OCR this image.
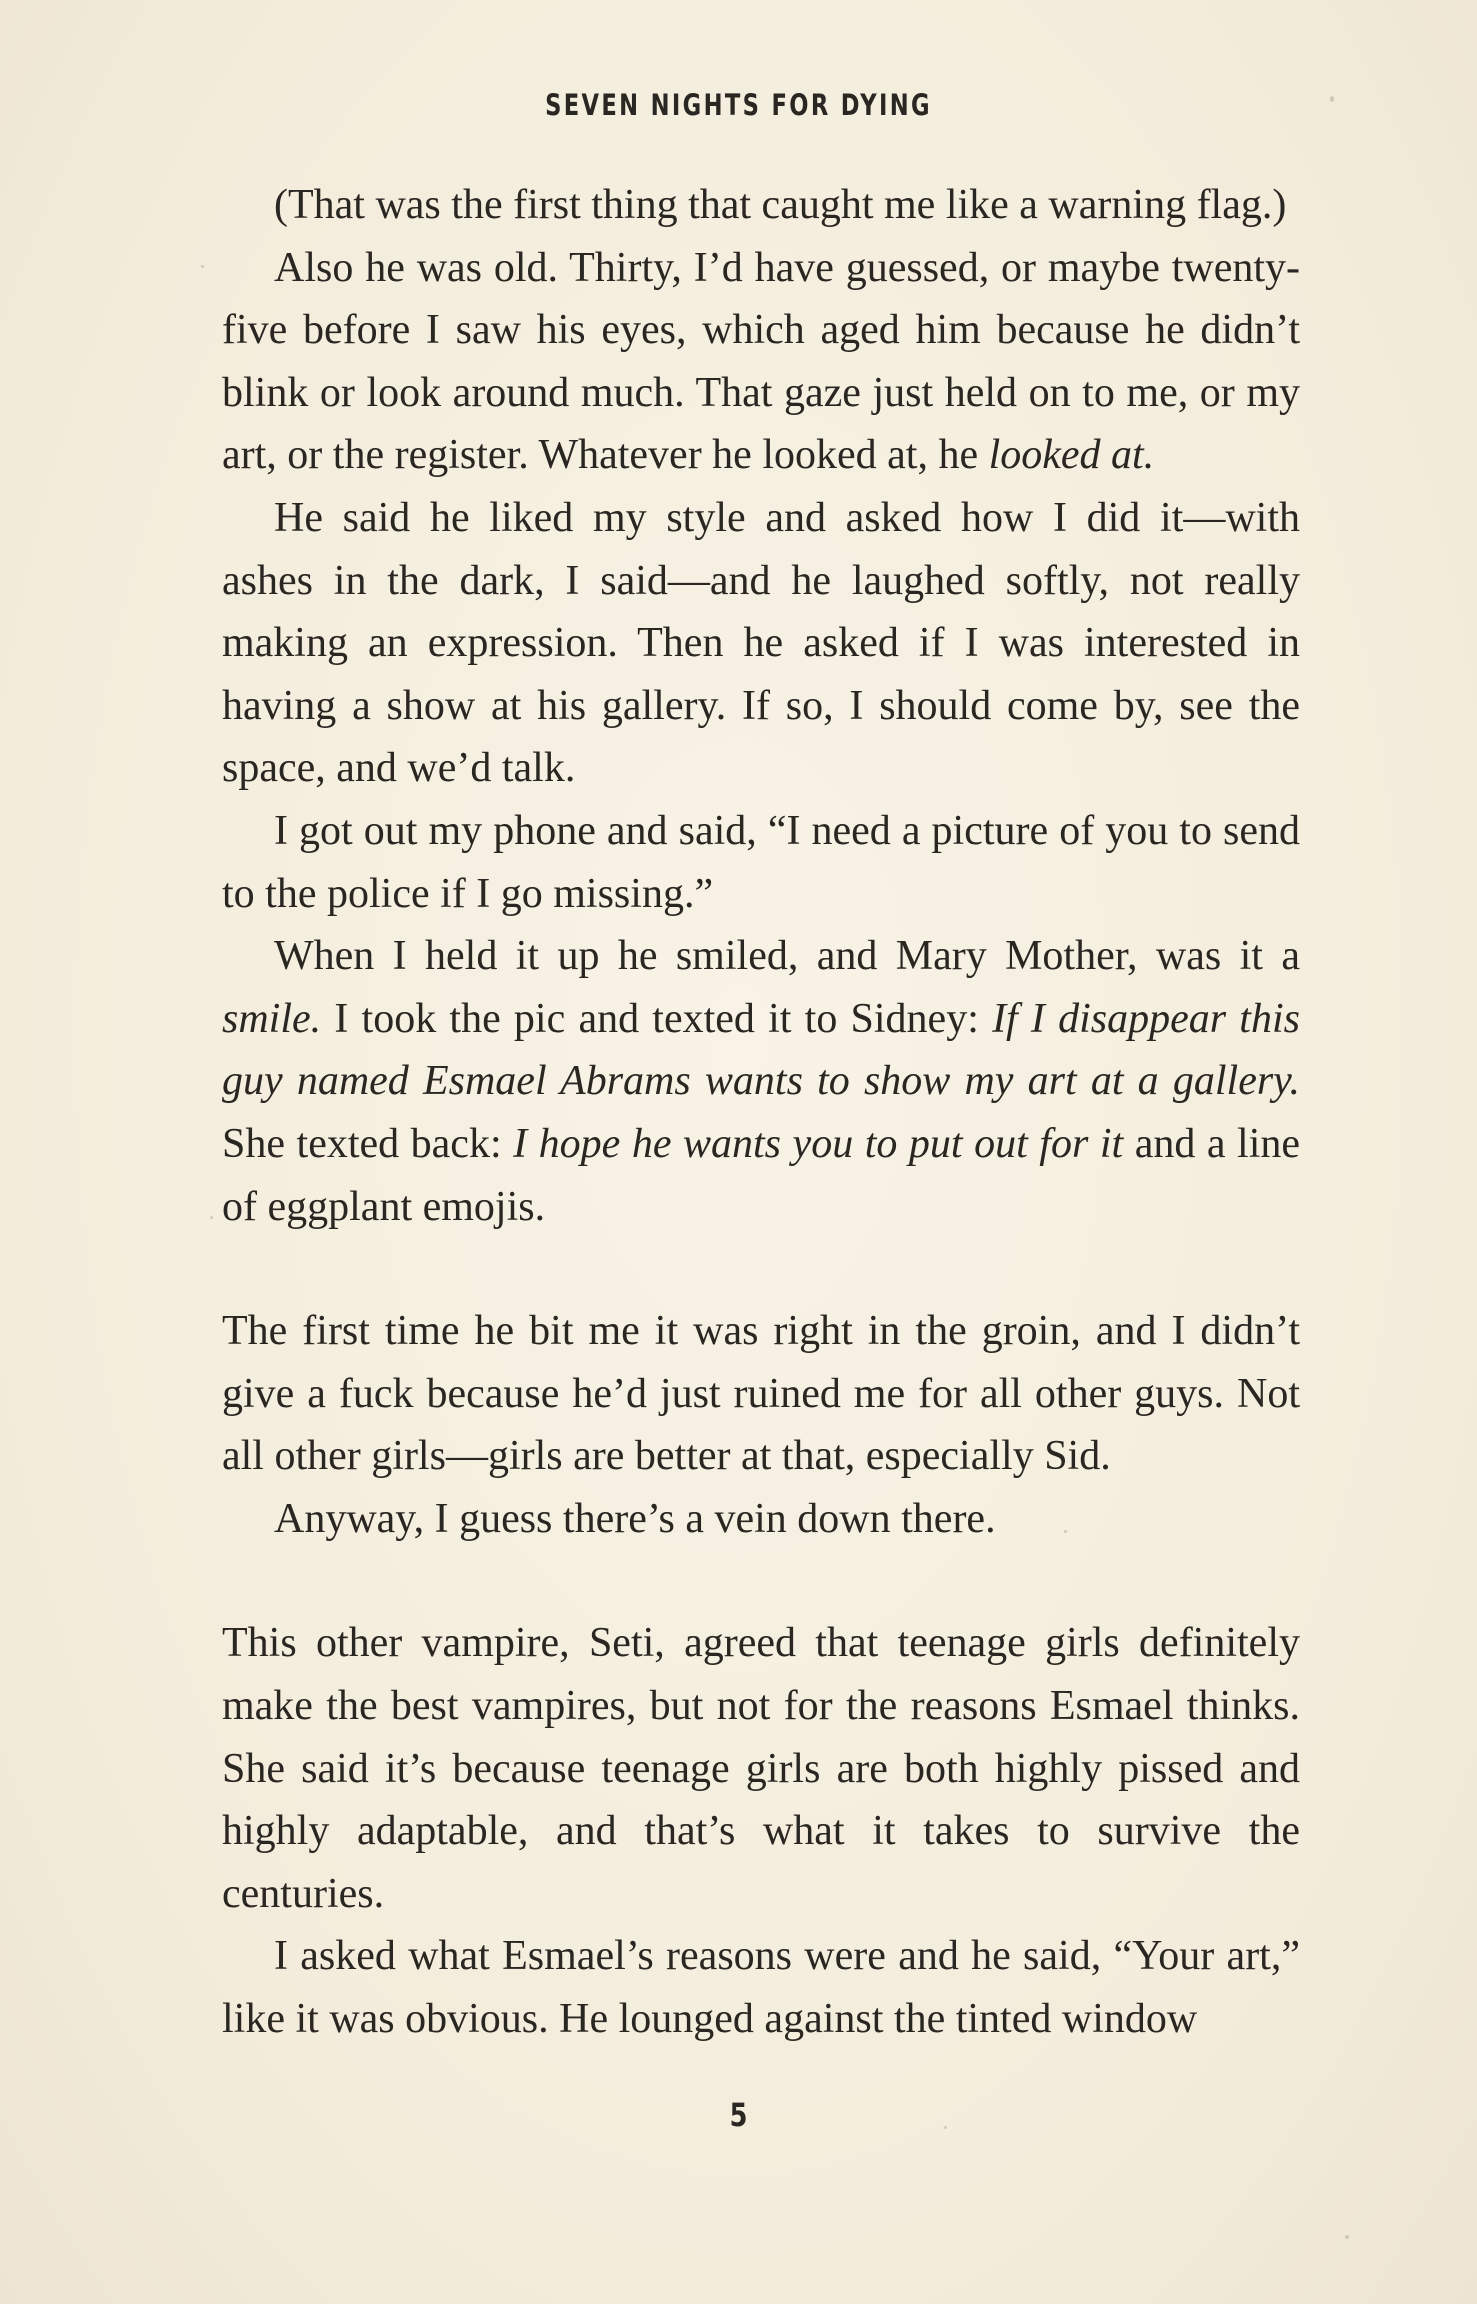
SEVEN NIGHTS FOR DYING

(That was the first thing that caught me like a warning flag.)

Also he was old. Thirty, I’d have guessed, or maybe twenty-five before I saw his eyes, which aged him because he didn’t blink or look around much. That gaze just held on to me, or my art, or the register. Whatever he looked at, he looked at.

He said he liked my style and asked how I did it—with ashes in the dark, I said—and he laughed softly, not really making an expression. Then he asked if I was interested in having a show at his gallery. If so, I should come by, see the space, and we’d talk.

I got out my phone and said, “I need a picture of you to send to the police if I go missing.”

When I held it up he smiled, and Mary Mother, was it a smile. I took the pic and texted it to Sidney: If I disappear this guy named Esmael Abrams wants to show my art at a gallery. She texted back: I hope he wants you to put out for it and a line of eggplant emojis.

The first time he bit me it was right in the groin, and I didn’t give a fuck because he’d just ruined me for all other guys. Not all other girls—girls are better at that, especially Sid.

Anyway, I guess there’s a vein down there.

This other vampire, Seti, agreed that teenage girls definitely make the best vampires, but not for the reasons Esmael thinks. She said it’s because teenage girls are both highly pissed and highly adaptable, and that’s what it takes to survive the centuries.

I asked what Esmael’s reasons were and he said, “Your art,” like it was obvious. He lounged against the tinted window

5
